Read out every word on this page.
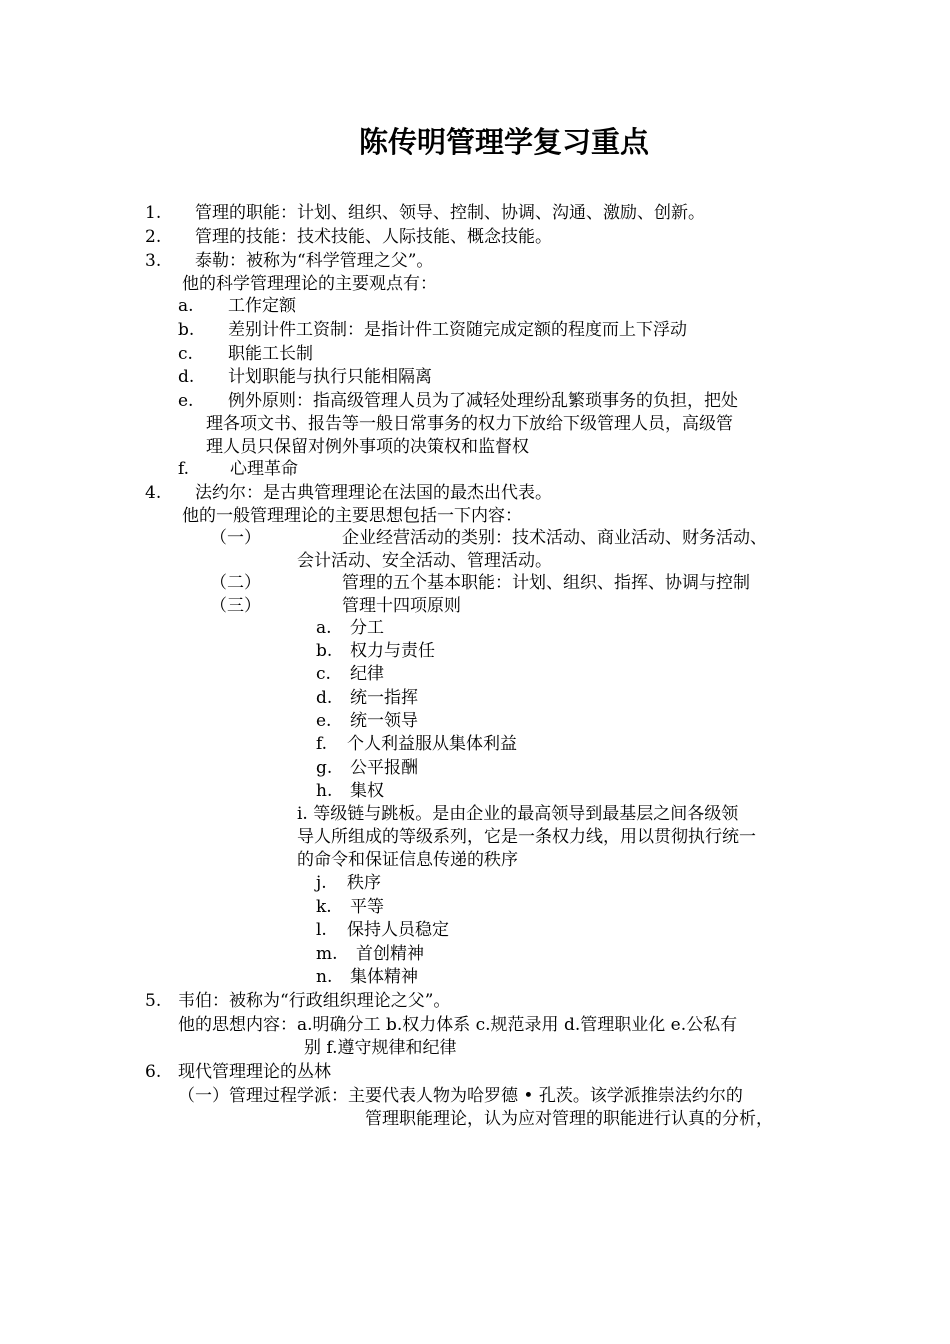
陈传明管理学复习重点
1. 管理的职能：计划、组织、领导、控制、协调、沟通、激励、创新。
2. 管理的技能：技术技能、人际技能、概念技能。
3. 泰勒：被称为“科学管理之父”。
他的科学管理理论的主要观点有：
a. 工作定额
b. 差别计件工资制：是指计件工资随完成定额的程度而上下浮动
c. 职能工长制
d. 计划职能与执行只能相隔离
e. 例外原则：指高级管理人员为了减轻处理纷乱繁琐事务的负担，把处
理各项文书、报告等一般日常事务的权力下放给下级管理人员，高级管
理人员只保留对例外事项的决策权和监督权
f. 心理革命
4. 法约尔：是古典管理理论在法国的最杰出代表。
他的一般管理理论的主要思想包括一下内容：
（一）	企业经营活动的类别：技术活动、商业活动、财务活动、
会计活动、安全活动、管理活动。
（二）	管理的五个基本职能：计划、组织、指挥、协调与控制
（三）	管理十四项原则
a. 分工
b. 权力与责任
c. 纪律
d. 统一指挥
e. 统一领导
f. 个人利益服从集体利益
g. 公平报酬
h. 集权
i. 等级链与跳板。是由企业的最高领导到最基层之间各级领
导人所组成的等级系列，它是一条权力线，用以贯彻执行统一
的命令和保证信息传递的秩序
j. 秩序
k. 平等
l. 保持人员稳定
m. 首创精神
n. 集体精神
5. 韦伯：被称为“行政组织理论之父”。
他的思想内容：a.明确分工 b.权力体系 c.规范录用 d.管理职业化 e.公私有
别 f.遵守规律和纪律
6. 现代管理理论的丛林
（一）管理过程学派：主要代表人物为哈罗德 • 孔茨。该学派推崇法约尔的
管理职能理论，认为应对管理的职能进行认真的分析，
